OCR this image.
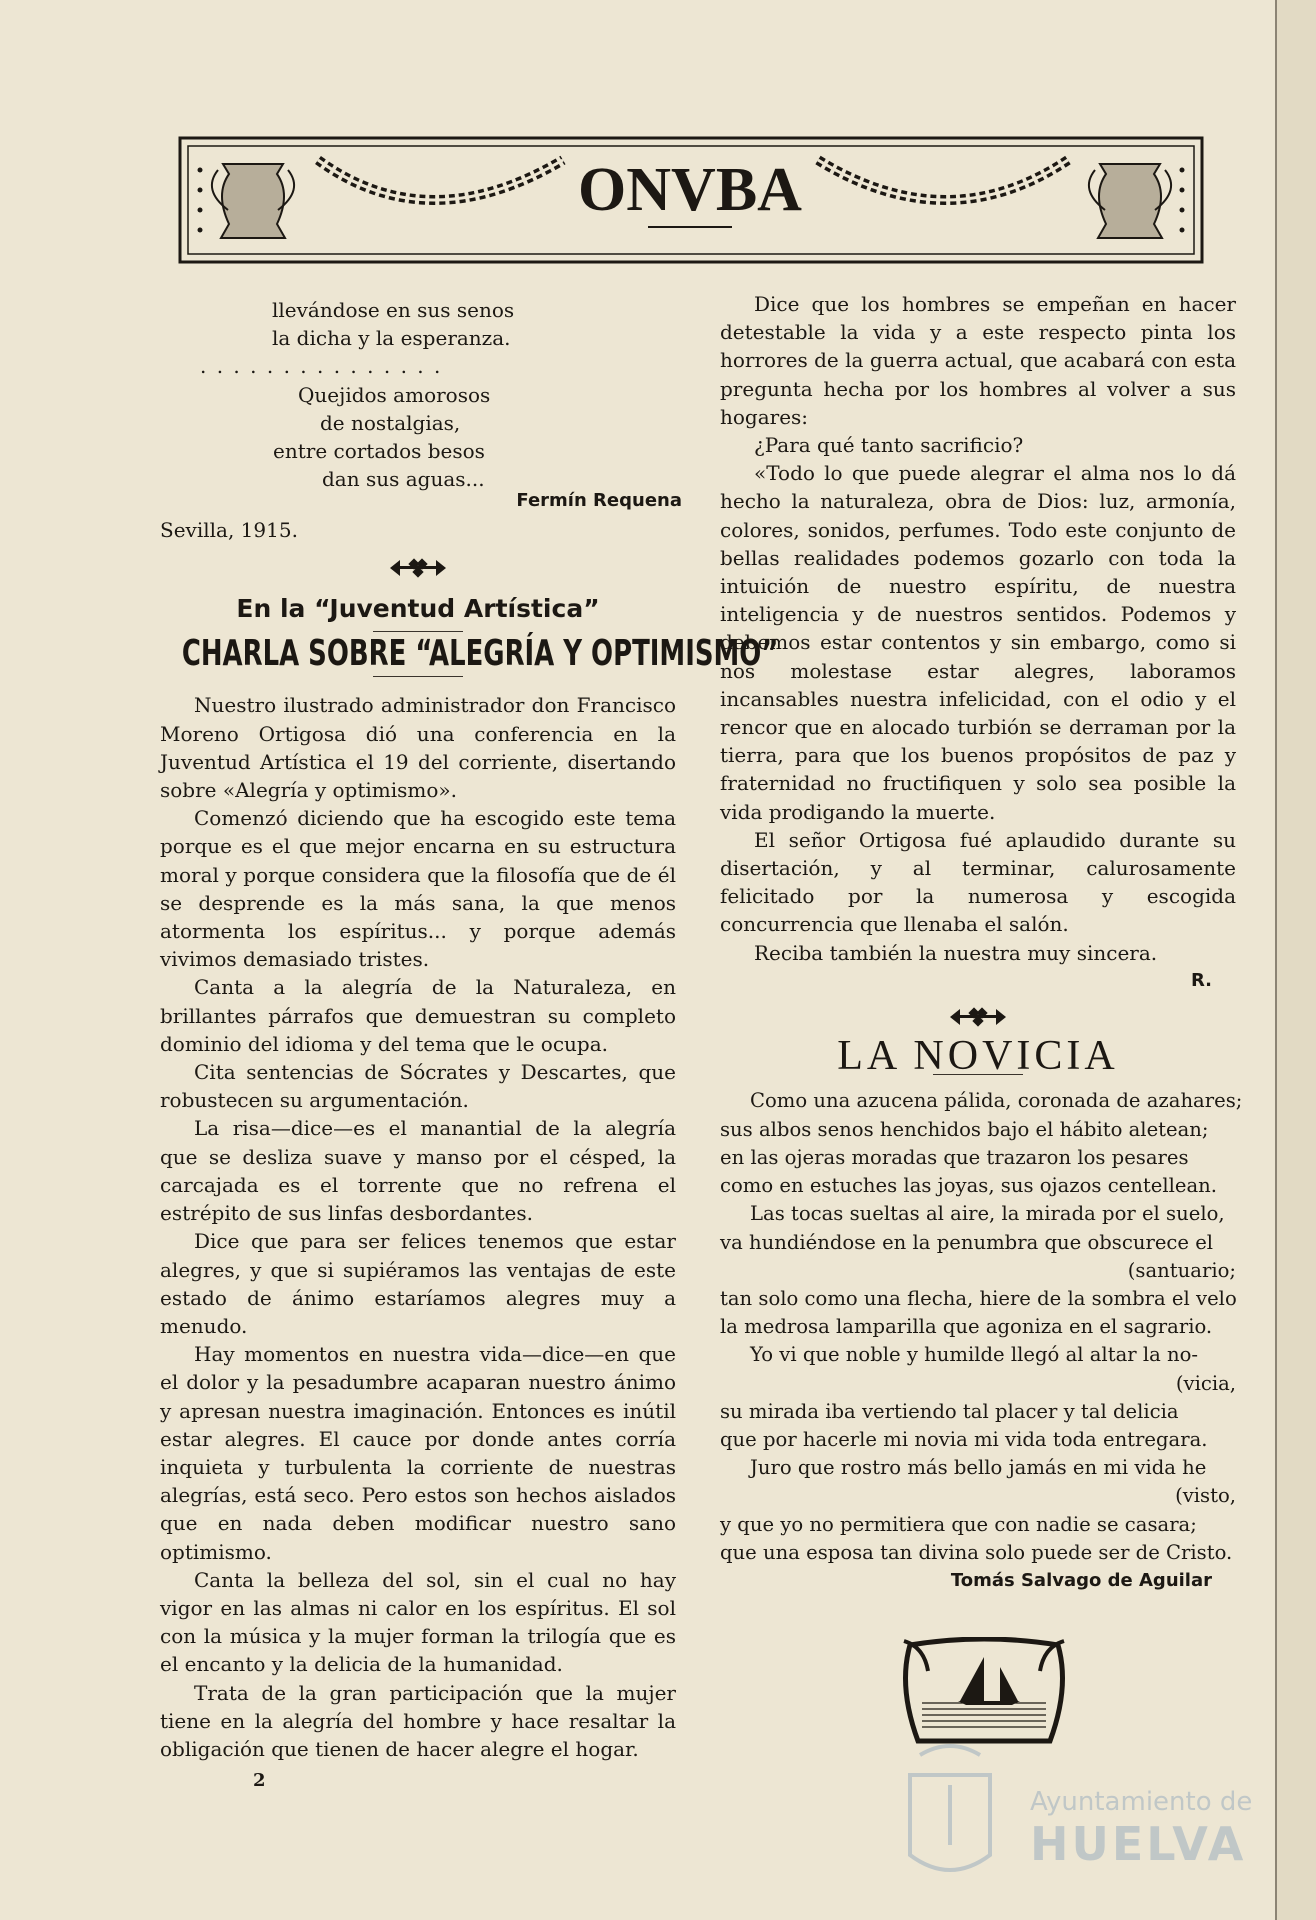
ONVBA
llevándose en sus senos
la dicha y la esperanza.
. . . . . . . . . . . . . . .
Quejidos amorosos
de nostalgias,
entre cortados besos
dan sus aguas...
Fermín Requena
Sevilla, 1915.
En la “Juventud Artística”
CHARLA SOBRE “ALEGRÍA Y OPTIMISMO”

Nuestro ilustrado administrador don Francisco Moreno Ortigosa dió una conferencia en la Juventud Artística el 19 del corriente, disertando sobre «Alegría y optimismo».

Comenzó diciendo que ha escogido este tema porque es el que mejor encarna en su estructura moral y porque considera que la filosofía que de él se desprende es la más sana, la que menos atormenta los espíritus... y porque además vivimos demasiado tristes.

Canta a la alegría de la Naturaleza, en brillantes párrafos que demuestran su completo dominio del idioma y del tema que le ocupa.

Cita sentencias de Sócrates y Descartes, que robustecen su argumentación.

La risa—dice—es el manantial de la alegría que se desliza suave y manso por el césped, la carcajada es el torrente que no refrena el estrépito de sus linfas desbordantes.

Dice que para ser felices tenemos que estar alegres, y que si supiéramos las ventajas de este estado de ánimo estaríamos alegres muy a menudo.

Hay momentos en nuestra vida—dice—en que el dolor y la pesadumbre acaparan nuestro ánimo y apresan nuestra imaginación. Entonces es inútil estar alegres. El cauce por donde antes corría inquieta y turbulenta la corriente de nuestras alegrías, está seco. Pero estos son hechos aislados que en nada deben modificar nuestro sano optimismo.

Canta la belleza del sol, sin el cual no hay vigor en las almas ni calor en los espíritus. El sol con la música y la mujer forman la trilogía que es el encanto y la delicia de la humanidad.

Trata de la gran participación que la mujer tiene en la alegría del hombre y hace resaltar la obligación que tienen de hacer alegre el hogar.

Dice que los hombres se empeñan en hacer detestable la vida y a este respecto pinta los horrores de la guerra actual, que acabará con esta pregunta hecha por los hombres al volver a sus hogares:

¿Para qué tanto sacrificio?

«Todo lo que puede alegrar el alma nos lo dá hecho la naturaleza, obra de Dios: luz, armonía, colores, sonidos, perfumes. Todo este conjunto de bellas realidades podemos gozarlo con toda la intuición de nuestro espíritu, de nuestra inteligencia y de nuestros sentidos. Podemos y debemos estar contentos y sin embargo, como si nos molestase estar alegres, laboramos incansables nuestra infelicidad, con el odio y el rencor que en alocado turbión se derraman por la tierra, para que los buenos propósitos de paz y fraternidad no fructifiquen y solo sea posible la vida prodigando la muerte.

El señor Ortigosa fué aplaudido durante su disertación, y al terminar, calurosamente felicitado por la numerosa y escogida concurrencia que llenaba el salón.

Reciba también la nuestra muy sincera.

R.
LA NOVICIA
Como una azucena pálida, coronada de azahares;
sus albos senos henchidos bajo el hábito aletean;
en las ojeras moradas que trazaron los pesares
como en estuches las joyas, sus ojazos centellean.
Las tocas sueltas al aire, la mirada por el suelo,
va hundiéndose en la penumbra que obscurece el
(santuario;
tan solo como una flecha, hiere de la sombra el velo
la medrosa lamparilla que agoniza en el sagrario.
Yo vi que noble y humilde llegó al altar la no-
(vicia,
su mirada iba vertiendo tal placer y tal delicia
que por hacerle mi novia mi vida toda entregara.
Juro que rostro más bello jamás en mi vida he
(visto,
y que yo no permitiera que con nadie se casara;
que una esposa tan divina solo puede ser de Cristo.
Tomás Salvago de Aguilar
2
Ayuntamiento de
HUELVA
